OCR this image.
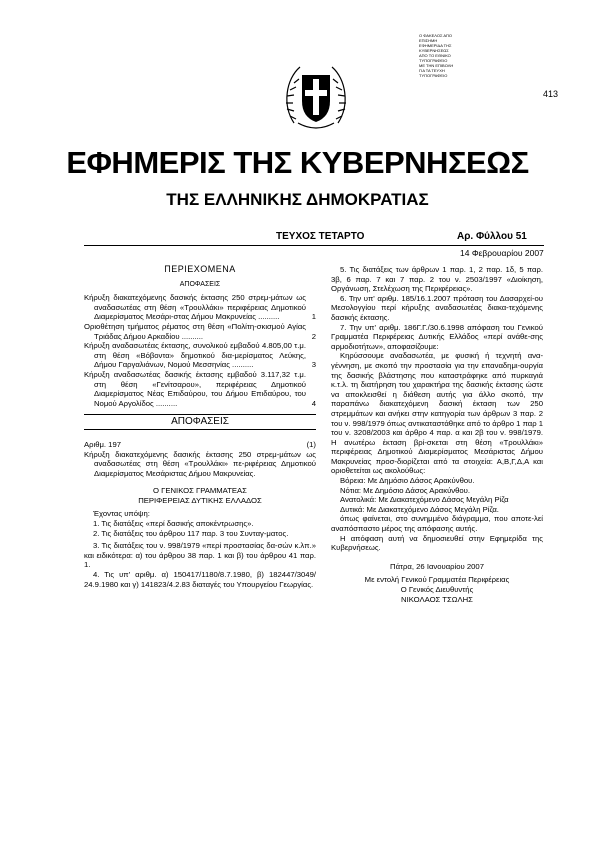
Ο ΦΑΚΕΛΟΣ ΑΠΟ
ΕΠΙΣΗΜΗ
ΕΦΗΜΕΡΙΔΑ ΤΗΣ
ΚΥΒΕΡΝΗΣΕΩΣ
ΑΠΟ ΤΟ ΕΘΝΙΚΟ
ΤΥΠΟΓΡΑΦΕΙΟ
ΜΕ ΤΗΝ ΕΠΙΒΟΛΗ
ΓΙΑ ΤΑ ΤΕΥΧΗ
ΤΥΠΟΓΡΑΦΕΙΟ
413
ΕΦΗΜΕΡΙΣ ΤΗΣ ΚΥΒΕΡΝΗΣΕΩΣ
ΤΗΣ ΕΛΛΗΝΙΚΗΣ ΔΗΜΟΚΡΑΤΙΑΣ
ΤΕΥΧΟΣ ΤΕΤΑΡΤΟ	Αρ. Φύλλου 51
14 Φεβρουαρίου 2007
ΠΕΡΙΕΧΟΜΕΝΑ
ΑΠΟΦΑΣΕΙΣ
Κήρυξη διακατεχόμενης δασικής έκτασης 250 στρεμ-μάτων ως αναδασωτέας στη θέση «Τρουλλάκι» περιφέρειας Δημοτικού Διαμερίσματος Μεσάρι-στας Δήμου Μακρυνείας ..........	1
Οριοθέτηση τμήματος ρέματος στη θέση «Πολίτη-σκισμού Αγίας Τριάδας Δήμου Αρκαδίου ..........	2
Κήρυξη αναδασωτέας έκτασης, συνολικού εμβαδού 4.805,00 τ.μ. στη θέση «Βόβοντα» δημοτικού δια-μερίσματος Λεύκης, Δήμου Γαργαλιάνων, Νομού Μεσσηνίας ..........	3
Κήρυξη αναδασωτέας δασικής έκτασης εμβαδού 3.117,32 τ.μ. στη θέση «Γενίτσαρου», περιφέρειας Δημοτικού Διαμερίσματος Νέας Επιδαύρου, του Δήμου Επιδαύρου, του Νομού Αργολίδος ..........	4
ΑΠΟΦΑΣΕΙΣ
Αριθμ. 197	(1)

Κήρυξη διακατεχόμενης δασικής έκτασης 250 στρεμ-μάτων ως αναδασωτέας στη θέση «Τρουλλάκι» πε-ριφέρειας Δημοτικού Διαμερίσματος Μεσάριστας Δήμου Μακρυνείας.

Ο ΓΕΝΙΚΟΣ ΓΡΑΜΜΑΤΕΑΣ
ΠΕΡΙΦΕΡΕΙΑΣ ΔΥΤΙΚΗΣ ΕΛΛΑΔΟΣ

Έχοντας υπόψη:

1. Τις διατάξεις «περί δασικής αποκέντρωσης».

2. Τις διατάξεις του άρθρου 117 παρ. 3 του Συνταγ-ματος.

3. Τις διατάξεις του ν. 998/1979 «περί προστασίας δα-σών κ.λπ.» και ειδικότερα: α) του άρθρου 38 παρ. 1 και β) του άρθρου 41 παρ. 1.

4. Τις υπ' αριθμ. α) 150417/1180/8.7.1980, β) 182447/3049/ 24.9.1980 και γ) 141823/4.2.83 διαταγές του Υπουργείου Γεωργίας.

5. Τις διατάξεις των άρθρων 1 παρ. 1, 2 παρ. 1δ, 5 παρ. 3β, 6 παρ. 7 και 7 παρ. 2 του ν. 2503/1997 «Διοίκηση, Οργάνωση, Στελέχωση της Περιφέρειας».

6. Την υπ' αριθμ. 185/16.1.2007 πρόταση του Δασαρχεί-ου Μεσολογγίου περί κήρυξης αναδασωτέας διακα-τεχόμενης δασικής έκτασης.

7. Την υπ' αριθμ. 186Γ.Γ./30.6.1998 απόφαση του Γενικού Γραμματέα Περιφέρειας Δυτικής Ελλάδος «περί ανάθε-σης αρμοδιοτήτων», αποφασίζουμε:

Κηρύσσουμε αναδασωτέα, με φυσική ή τεχνητή ανα-γέννηση, με σκοπό την προστασία για την επαναδημι-ουργία της δασικής βλάστησης που καταστράφηκε από πυρκαγιά κ.τ.λ. τη διατήρηση του χαρακτήρα της δασικής έκτασης ώστε να αποκλεισθεί η διάθεση αυτής για άλλο σκοπό, την παραπάνω διακατεχόμενη δασική έκταση των 250 στρεμμάτων και ανήκει στην κατηγορία των άρθρων 3 παρ. 2 του ν. 998/1979 όπως αντικαταστάθηκε από το άρθρο 1 παρ 1 του ν. 3208/2003 και άρθρο 4 παρ. α και 2β του ν. 998/1979. Η ανωτέρω έκταση βρί-σκεται στη θέση «Τρουλλάκι» περιφέρειας Δημοτικού Διαμερίσματος Μεσάριστας Δήμου Μακρυνείας προσ-διορίζεται από τα στοιχεία: Α,Β,Γ,Δ,Α και οριοθετείται ως ακολούθως:

Βόρεια: Με Δημόσιο Δάσος Αρακύνθου.

Νότια: Με Δημόσιο Δάσος Αρακύνθου.

Ανατολικά: Με Διακατεχόμενο Δάσος Μεγάλη Ρίζα

Δυτικά: Με Διακατεχόμενο Δάσος Μεγάλη Ρίζα.

όπως φαίνεται, στο συνημμένο διάγραμμα, που αποτε-λεί αναπόσπαστο μέρος της απόφασης αυτής.

Η απόφαση αυτή να δημοσιευθεί στην Εφημερίδα της Κυβερνήσεως.

Πάτρα, 26 Ιανουαρίου 2007
Με εντολή Γενικού Γραμματέα Περιφέρειας
Ο Γενικός Διευθυντής
ΝΙΚΟΛΑΟΣ ΤΣΩΛΗΣ
